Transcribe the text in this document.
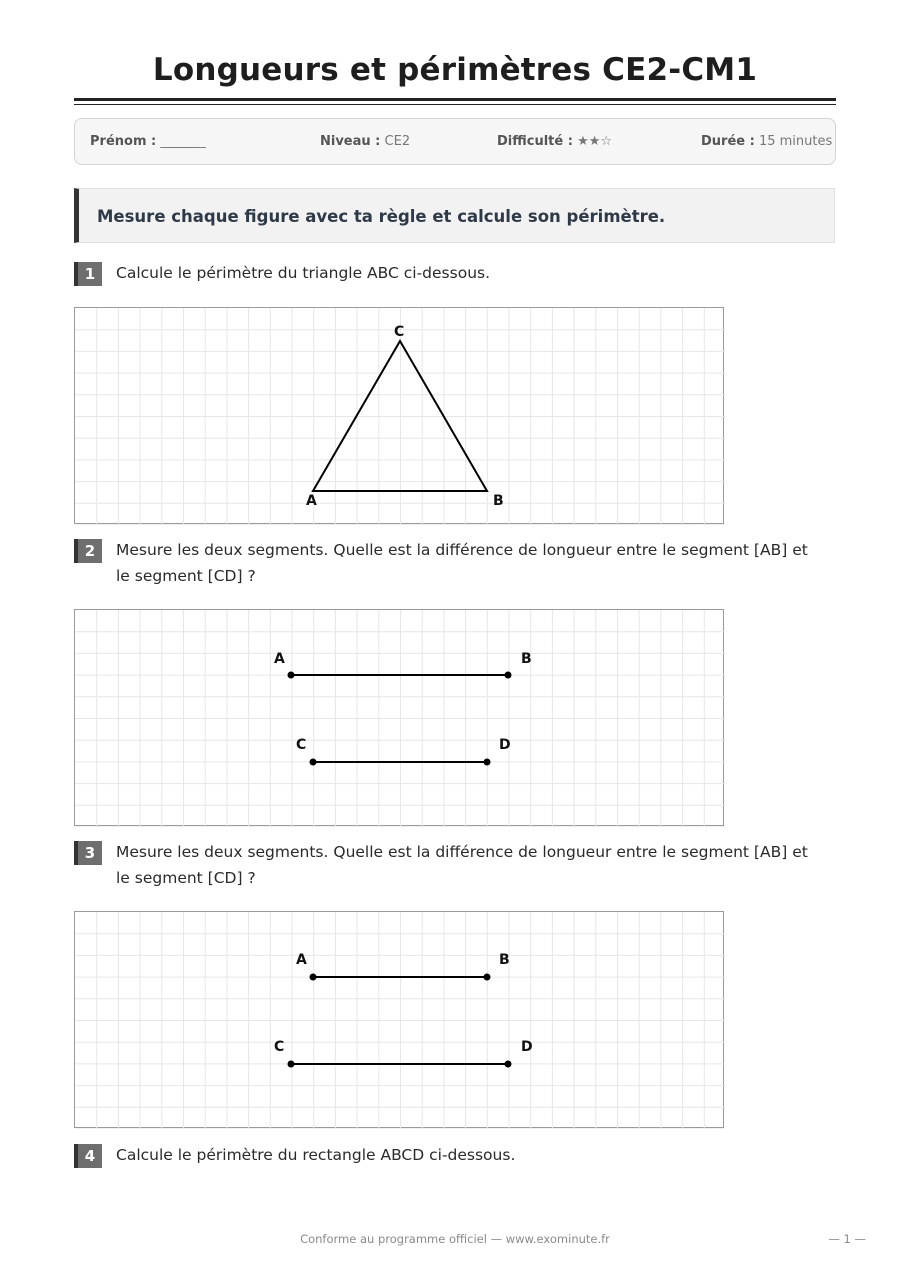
Longueurs et périmètres CE2-CM1
Prénom : _______	Niveau : CE2	Difficulté : ★★☆	Durée : 15 minutes
Mesure chaque figure avec ta règle et calcule son périmètre.
1	Calcule le périmètre du triangle ABC ci-dessous.
A	B
C
2	Mesure les deux segments. Quelle est la différence de longueur entre le segment [AB] et le segment [CD] ?
A	B
C	D
3	Mesure les deux segments. Quelle est la différence de longueur entre le segment [AB] et le segment [CD] ?
A	B
C	D
4	Calcule le périmètre du rectangle ABCD ci-dessous.
Conforme au programme officiel — www.exominute.fr	— 1 —
